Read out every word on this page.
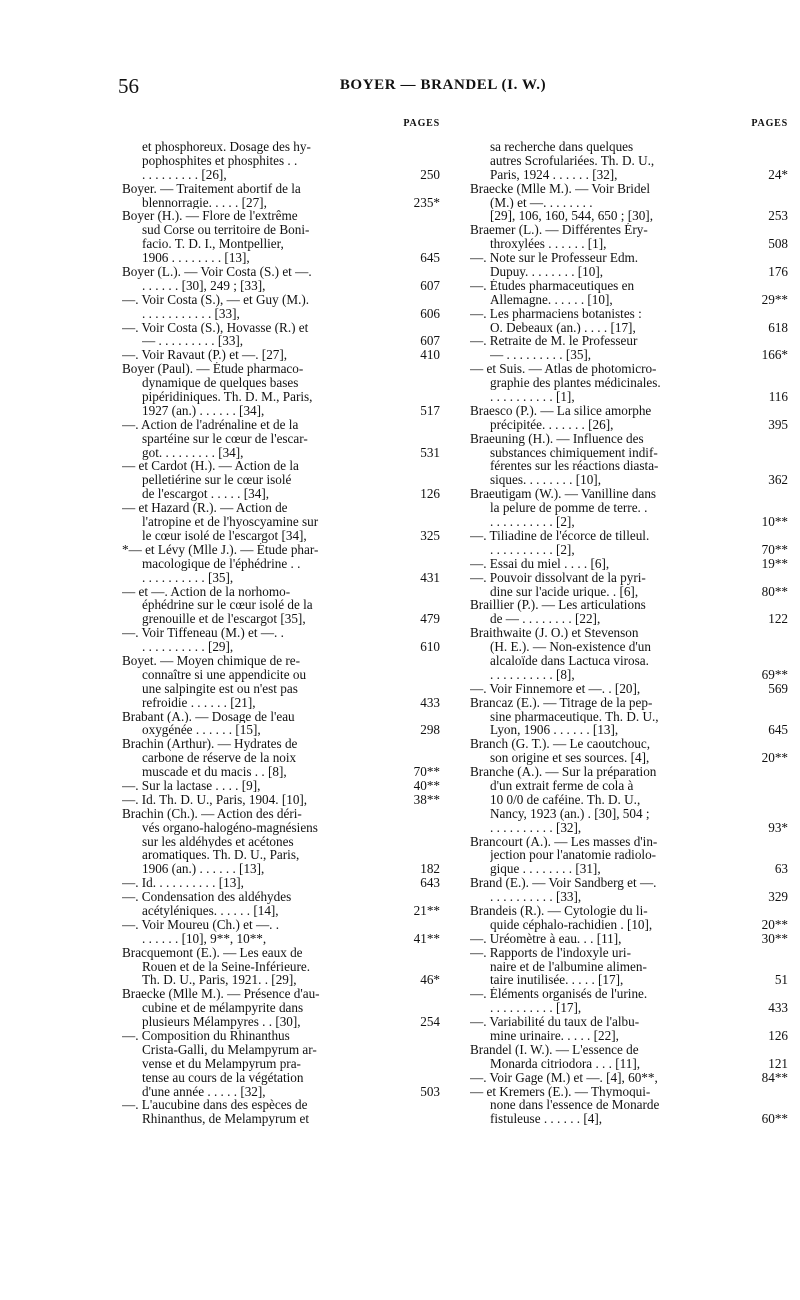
56	BOYER — BRANDEL (I. W.)
PAGES
et phosphoreux. Dosage des hy-
pophosphites et phosphites . .
. . . . . . . . . [26],	250
Boyer. — Traitement abortif de la
blennorragie. . . . . [27],	235*
Boyer (H.). — Flore de l'extrême
sud Corse ou territoire de Boni-
facio. T. D. I., Montpellier,
1906 . . . . . . . . [13],	645
Boyer (L.). — Voir Costa (S.) et —.
. . . . . . [30], 249 ; [33],	607
—. Voir Costa (S.), — et Guy (M.).
. . . . . . . . . . . [33],	606
—. Voir Costa (S.), Hovasse (R.) et
— . . . . . . . . . [33],	607
—. Voir Ravaut (P.) et —. [27],	410
Boyer (Paul). — Étude pharmaco-
dynamique de quelques bases
pipéridiniques. Th. D. M., Paris,
1927 (an.) . . . . . . [34],	517
—. Action de l'adrénaline et de la
spartéine sur le cœur de l'escar-
got. . . . . . . . . [34],	531
— et Cardot (H.). — Action de la
pelletiérine sur le cœur isolé
de l'escargot . . . . . [34],	126
— et Hazard (R.). — Action de
l'atropine et de l'hyoscyamine sur
le cœur isolé de l'escargot [34],	325
*— et Lévy (Mlle J.). — Étude phar-
macologique de l'éphédrine . .
. . . . . . . . . . [35],	431
— et —. Action de la norhomo-
éphédrine sur le cœur isolé de la
grenouille et de l'escargot [35],	479
—. Voir Tiffeneau (M.) et —. .
. . . . . . . . . . [29],	610
Boyet. — Moyen chimique de re-
connaître si une appendicite ou
une salpingite est ou n'est pas
refroidie . . . . . . [21],	433
Brabant (A.). — Dosage de l'eau
oxygénée . . . . . . [15],	298
Brachin (Arthur). — Hydrates de
carbone de réserve de la noix
muscade et du macis . . [8],	70**
—. Sur la lactase . . . . [9],	40**
—. Id. Th. D. U., Paris, 1904. [10],	38**
Brachin (Ch.). — Action des déri-
vés organo-halogéno-magnésiens
sur les aldéhydes et acétones
aromatiques. Th. D. U., Paris,
1906 (an.) . . . . . . [13],	182
—. Id. . . . . . . . . . [13],	643
—. Condensation des aldéhydes
acétyléniques. . . . . . [14],	21**
—. Voir Moureu (Ch.) et —. .
. . . . . . [10], 9**, 10**,	41**
Bracquemont (E.). — Les eaux de
Rouen et de la Seine-Inférieure.
Th. D. U., Paris, 1921. . [29],	46*
Braecke (Mlle M.). — Présence d'au-
cubine et de mélampyrite dans
plusieurs Mélampyres . . [30],	254
—. Composition du Rhinanthus
Crista-Galli, du Melampyrum ar-
vense et du Melampyrum pra-
tense au cours de la végétation
d'une année . . . . . [32],	503
—. L'aucubine dans des espèces de
Rhinanthus, de Melampyrum et
PAGES
sa recherche dans quelques
autres Scrofulariées. Th. D. U.,
Paris, 1924 . . . . . . [32],	24*
Braecke (Mlle M.). — Voir Bridel
(M.) et —. . . . . . . .
[29], 106, 160, 544, 650 ; [30],	253
Braemer (L.). — Différentes Éry-
throxylées . . . . . . [1],	508
—. Note sur le Professeur Edm.
Dupuy. . . . . . . . [10],	176
—. Études pharmaceutiques en
Allemagne. . . . . . [10],	29**
—. Les pharmaciens botanistes :
O. Debeaux (an.) . . . . [17],	618
—. Retraite de M. le Professeur
— . . . . . . . . . [35],	166*
— et Suis. — Atlas de photomicro-
graphie des plantes médicinales.
. . . . . . . . . . [1],	116
Braesco (P.). — La silice amorphe
précipitée. . . . . . . [26],	395
Braeuning (H.). — Influence des
substances chimiquement indif-
férentes sur les réactions diasta-
siques. . . . . . . . [10],	362
Braeutigam (W.). — Vanilline dans
la pelure de pomme de terre. .
. . . . . . . . . . [2],	10**
—. Tiliadine de l'écorce de tilleul.
. . . . . . . . . . [2],	70**
—. Essai du miel . . . . [6],	19**
—. Pouvoir dissolvant de la pyri-
dine sur l'acide urique. . [6],	80**
Braillier (P.). — Les articulations
de — . . . . . . . . [22],	122
Braithwaite (J. O.) et Stevenson
(H. E.). — Non-existence d'un
alcaloïde dans Lactuca virosa.
. . . . . . . . . . [8],	69**
—. Voir Finnemore et —. . [20],	569
Brancaz (E.). — Titrage de la pep-
sine pharmaceutique. Th. D. U.,
Lyon, 1906 . . . . . . [13],	645
Branch (G. T.). — Le caoutchouc,
son origine et ses sources. [4],	20**
Branche (A.). — Sur la préparation
d'un extrait ferme de cola à
10 0/0 de caféine. Th. D. U.,
Nancy, 1923 (an.) . [30], 504 ;
. . . . . . . . . . [32],	93*
Brancourt (A.). — Les masses d'in-
jection pour l'anatomie radiolo-
gique . . . . . . . . [31],	63
Brand (E.). — Voir Sandberg et —.
. . . . . . . . . . [33],	329
Brandeis (R.). — Cytologie du li-
quide céphalo-rachidien . [10],	20**
—. Uréomètre à eau. . . [11],	30**
—. Rapports de l'indoxyle uri-
naire et de l'albumine alimen-
taire inutilisée. . . . . [17],	51
—. Éléments organisés de l'urine.
. . . . . . . . . . [17],	433
—. Variabilité du taux de l'albu-
mine urinaire. . . . . [22],	126
Brandel (I. W.). — L'essence de
Monarda citriodora . . . [11],	121
—. Voir Gage (M.) et —. [4], 60**,	84**
— et Kremers (E.). — Thymoqui-
none dans l'essence de Monarde
fistuleuse . . . . . . [4],	60**
